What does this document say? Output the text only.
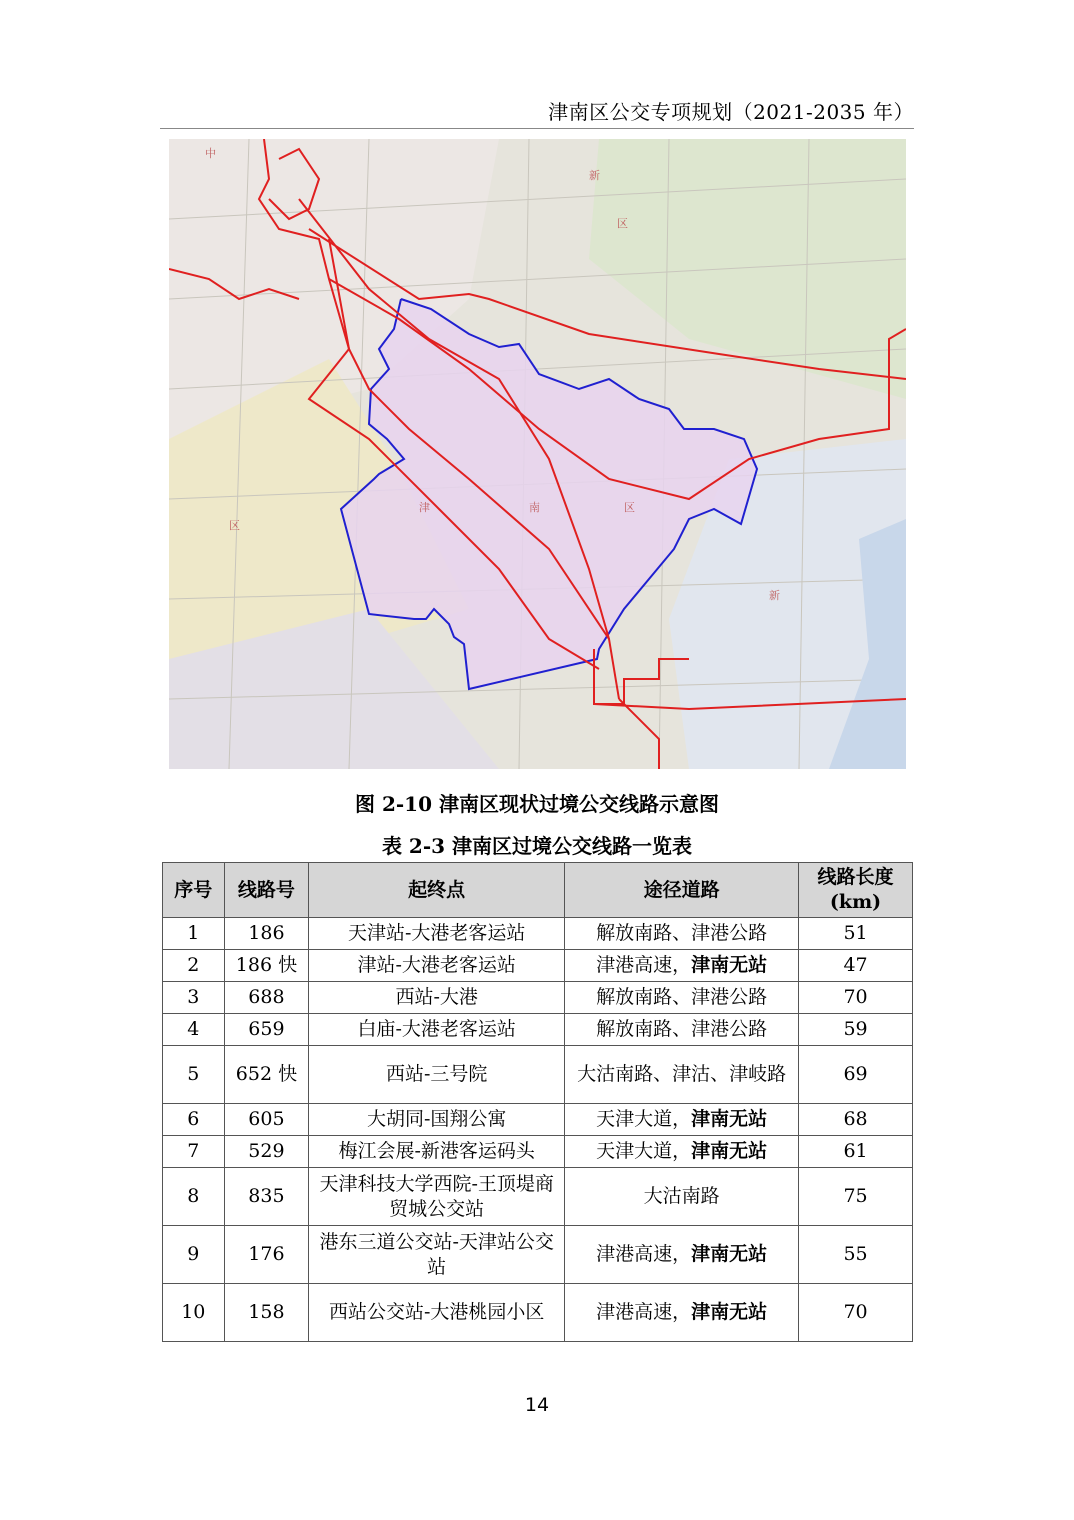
津南区公交专项规划（2021-2035 年）
中
新
区
津	南	区
区
新
图 2-10 津南区现状过境公交线路示意图
表 2-3 津南区过境公交线路一览表
序号	线路号	起终点	途径道路	线路长度 (km)
1	186	天津站-大港老客运站	解放南路、津港公路	51
2	186 快	津站-大港老客运站	津港高速，津南无站	47
3	688	西站-大港	解放南路、津港公路	70
4	659	白庙-大港老客运站	解放南路、津港公路	59
5	652 快	西站-三号院	大沽南路、津沽、津岐路	69
6	605	大胡同-国翔公寓	天津大道，津南无站	68
7	529	梅江会展-新港客运码头	天津大道，津南无站	61
8	835	天津科技大学西院-王顶堤商贸城公交站	大沽南路	75
9	176	港东三道公交站-天津站公交站	津港高速，津南无站	55
10	158	西站公交站-大港桃园小区	津港高速，津南无站	70
14
